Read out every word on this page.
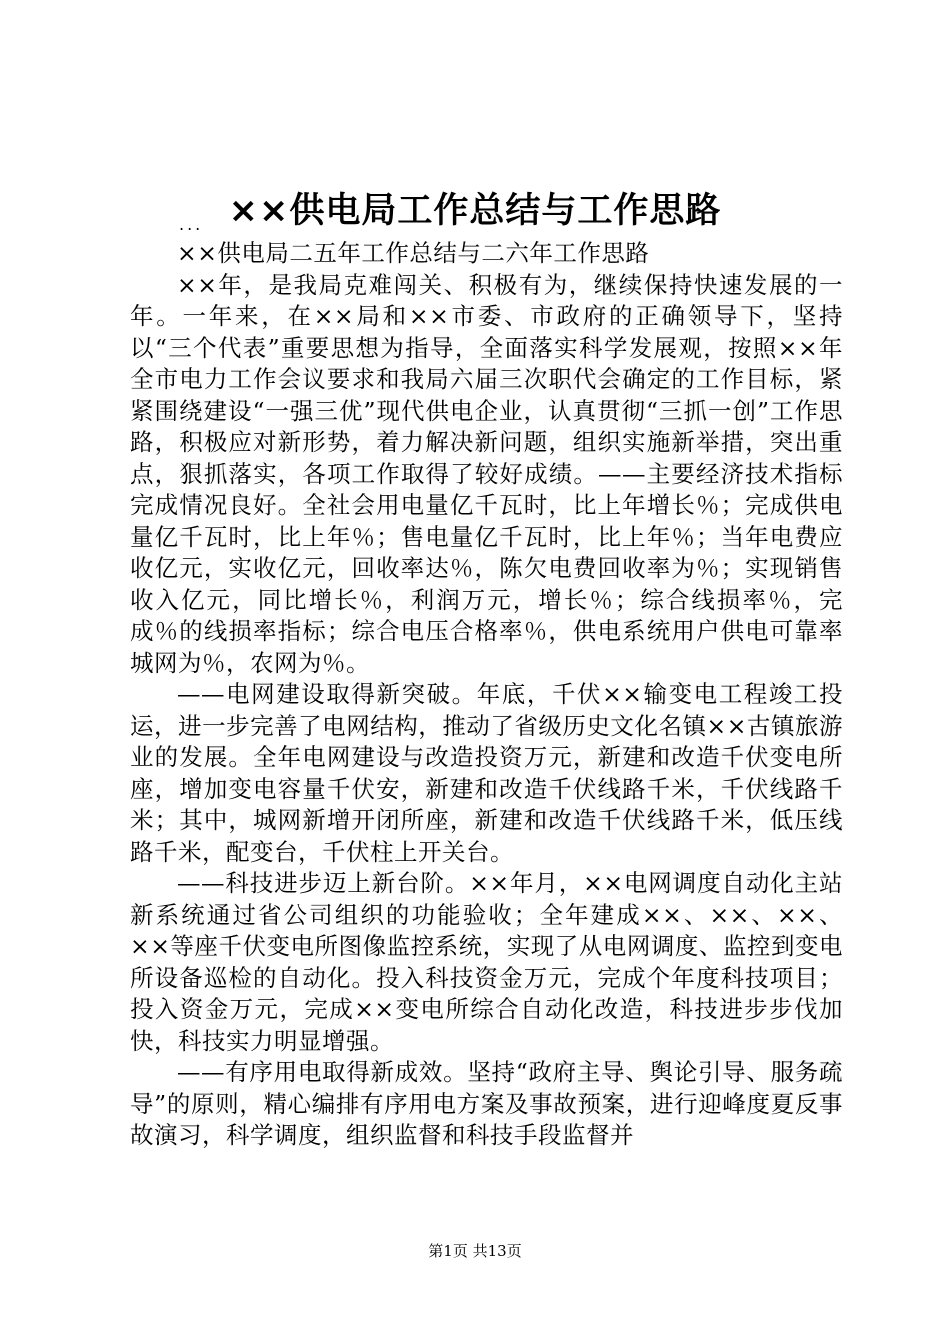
××供电局工作总结与工作思路
...

××供电局二五年工作总结与二六年工作思路

××年，是我局克难闯关、积极有为，继续保持快速发展的一年。一年来，在××局和××市委、市政府的正确领导下，坚持以“三个代表”重要思想为指导，全面落实科学发展观，按照××年全市电力工作会议要求和我局六届三次职代会确定的工作目标，紧紧围绕建设“一强三优”现代供电企业，认真贯彻“三抓一创”工作思路，积极应对新形势，着力解决新问题，组织实施新举措，突出重点，狠抓落实，各项工作取得了较好成绩。——主要经济技术指标完成情况良好。全社会用电量亿千瓦时，比上年增长％；完成供电量亿千瓦时，比上年％；售电量亿千瓦时，比上年％；当年电费应收亿元，实收亿元，回收率达％，陈欠电费回收率为％；实现销售收入亿元，同比增长％，利润万元，增长％；综合线损率％，完成％的线损率指标；综合电压合格率％，供电系统用户供电可靠率城网为％，农网为％。

——电网建设取得新突破。年底，千伏××输变电工程竣工投运，进一步完善了电网结构，推动了省级历史文化名镇××古镇旅游业的发展。全年电网建设与改造投资万元，新建和改造千伏变电所座，增加变电容量千伏安，新建和改造千伏线路千米，千伏线路千米；其中，城网新增开闭所座，新建和改造千伏线路千米，低压线路千米，配变台，千伏柱上开关台。

——科技进步迈上新台阶。××年月，××电网调度自动化主站新系统通过省公司组织的功能验收；全年建成××、××、××、××等座千伏变电所图像监控系统，实现了从电网调度、监控到变电所设备巡检的自动化。投入科技资金万元，完成个年度科技项目；投入资金万元，完成××变电所综合自动化改造，科技进步步伐加快，科技实力明显增强。

——有序用电取得新成效。坚持“政府主导、舆论引导、服务疏导”的原则，精心编排有序用电方案及事故预案，进行迎峰度夏反事故演习，科学调度，组织监督和科技手段监督并

第1页 共13页
